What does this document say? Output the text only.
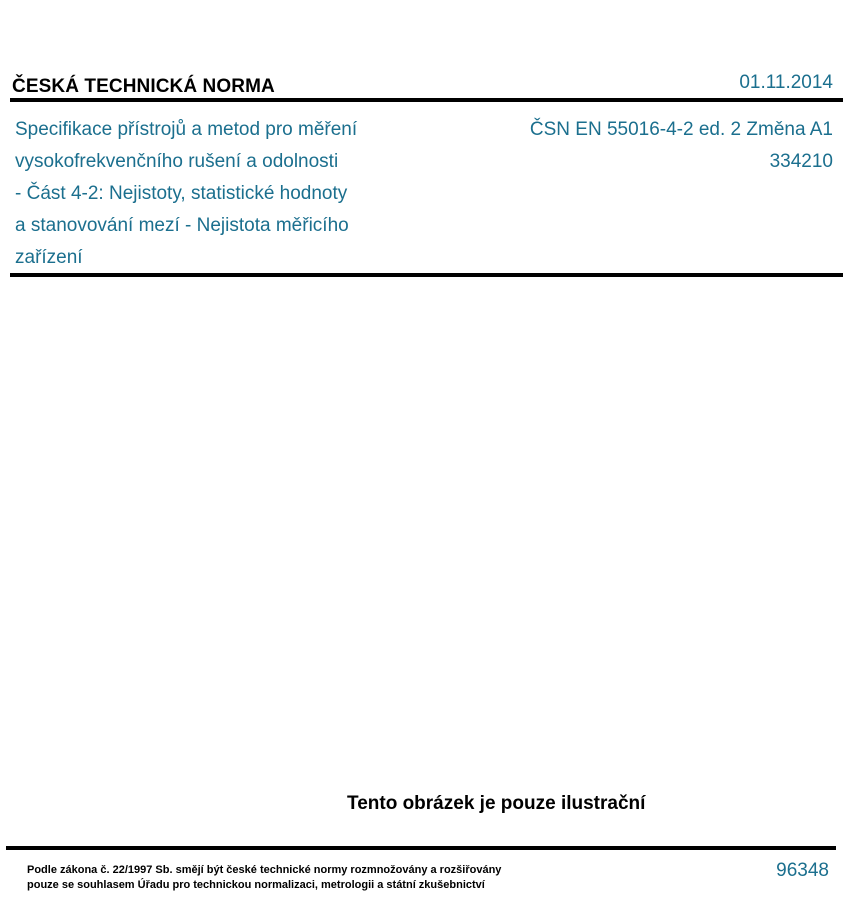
ČESKÁ TECHNICKÁ NORMA	01.11.2014
Specifikace přístrojů a metod pro měření
vysokofrekvenčního rušení a odolnosti
- Část 4-2: Nejistoty, statistické hodnoty
a stanovování mezí - Nejistota měřicího
zařízení
ČSN EN 55016-4-2 ed. 2 Změna A1
334210
Tento obrázek je pouze ilustrační
Podle zákona č. 22/1997 Sb. smějí být české technické normy rozmnožovány a rozšiřovány
pouze se souhlasem Úřadu pro technickou normalizaci, metrologii a státní zkušebnictví
96348
